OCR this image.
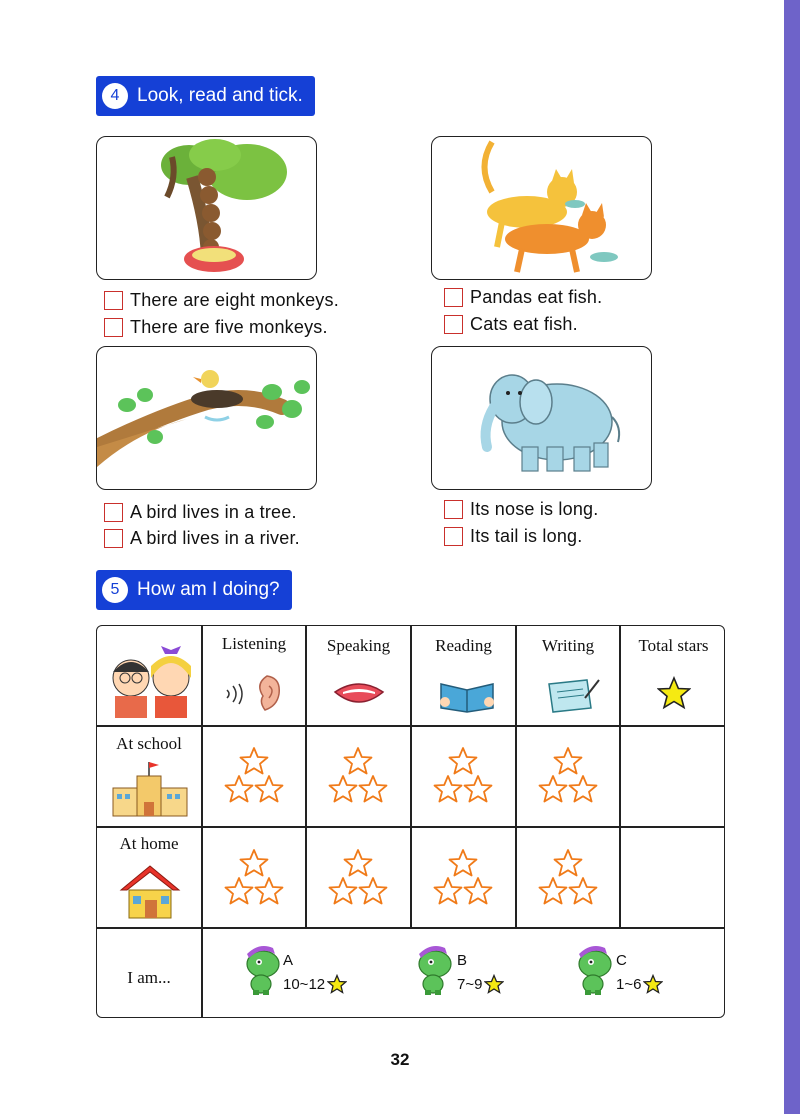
4 Look, read and tick.
There are eight monkeys.
There are five monkeys.
Pandas eat fish.
Cats eat fish.
A bird lives in a tree.
A bird lives in a river.
Its nose is long.
Its tail is long.
5 How am I doing?
Listening	Speaking	Reading	Writing	Total stars
At school
At home
I am...
A
10~12
B
7~9
C
1~6
32
